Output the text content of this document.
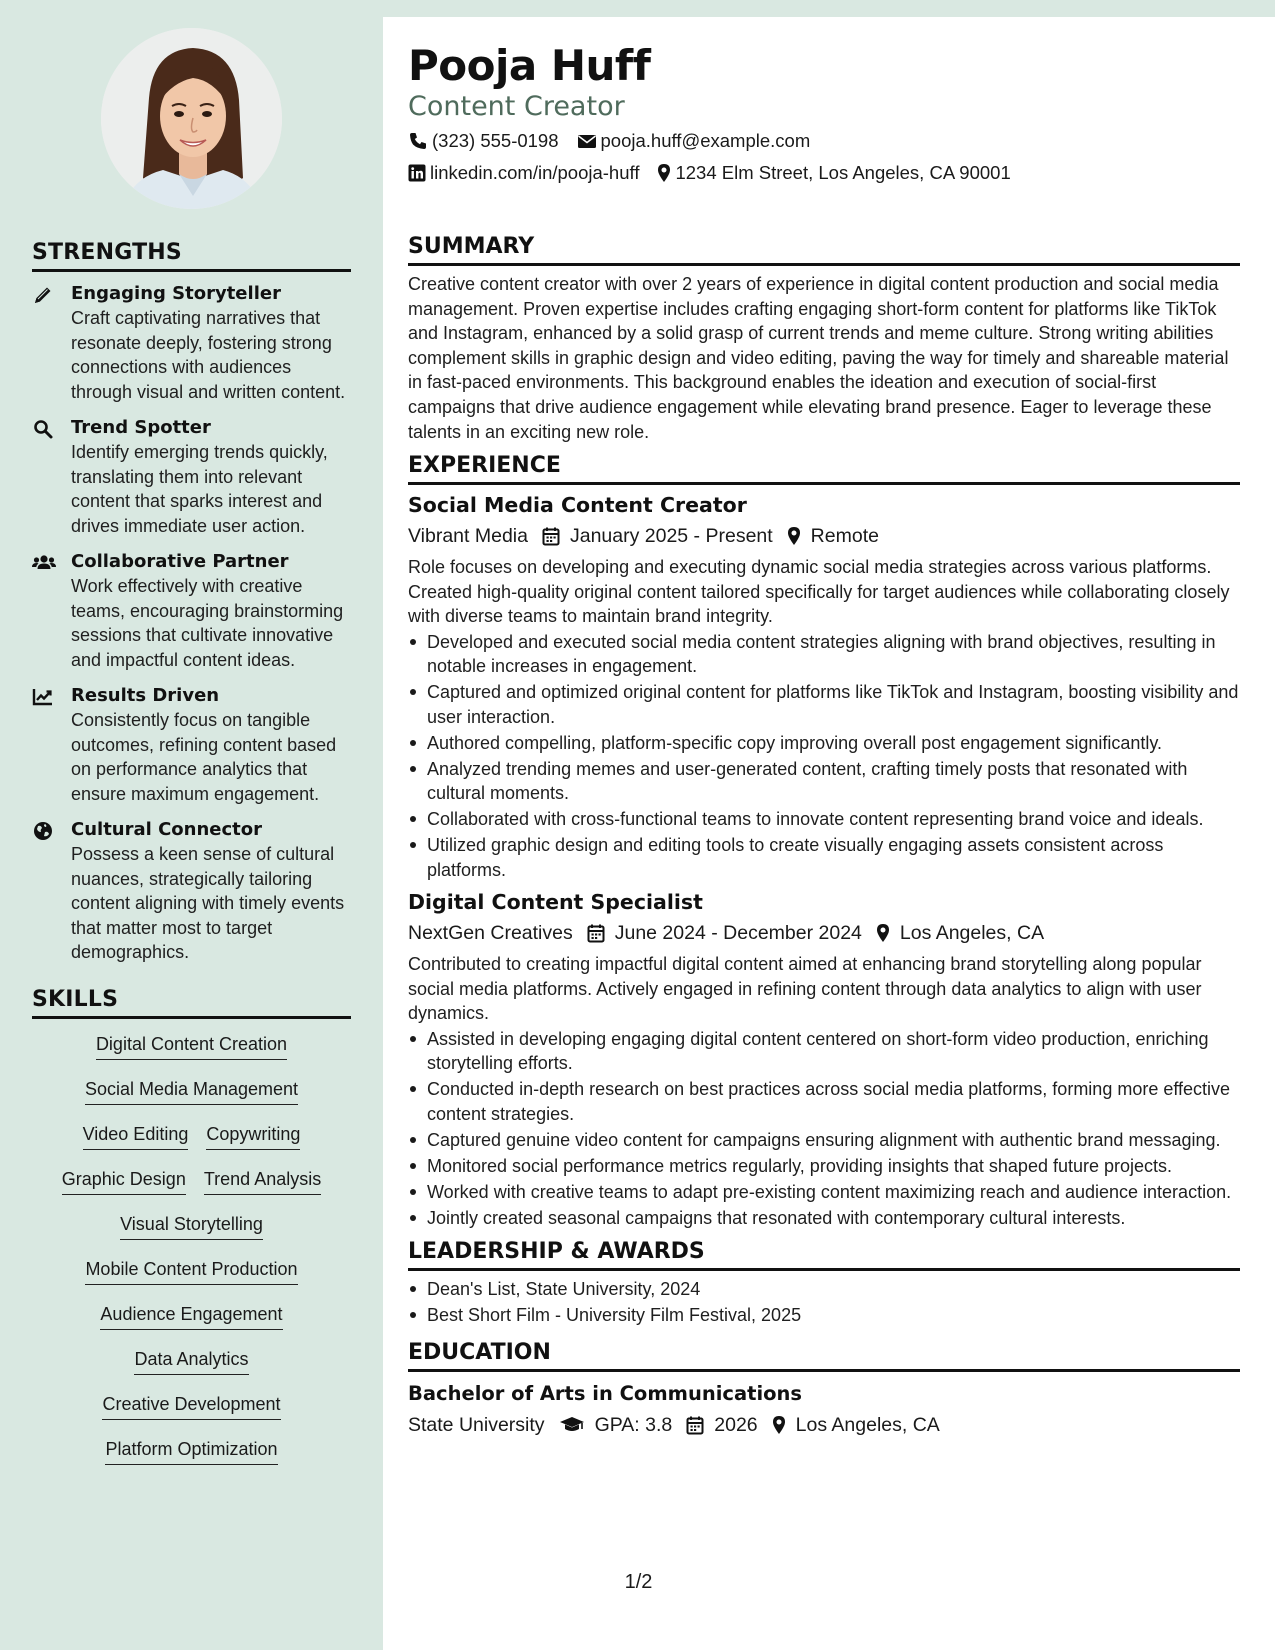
STRENGTHS
Engaging Storyteller
Craft captivating narratives that resonate deeply, fostering strong connections with audiences through visual and written content.
Trend Spotter
Identify emerging trends quickly, translating them into relevant content that sparks interest and drives immediate user action.
Collaborative Partner
Work effectively with creative teams, encouraging brainstorming sessions that cultivate innovative and impactful content ideas.
Results Driven
Consistently focus on tangible outcomes, refining content based on performance analytics that ensure maximum engagement.
Cultural Connector
Possess a keen sense of cultural nuances, strategically tailoring content aligning with timely events that matter most to target demographics.
SKILLS
Digital Content Creation
Social Media Management
Video Editing Copywriting
Graphic Design Trend Analysis
Visual Storytelling
Mobile Content Production
Audience Engagement
Data Analytics
Creative Development
Platform Optimization
Pooja Huff
Content Creator
(323) 555-0198 pooja.huff@example.com
linkedin.com/in/pooja-huff 1234 Elm Street, Los Angeles, CA 90001
SUMMARY
Creative content creator with over 2 years of experience in digital content production and social media management. Proven expertise includes crafting engaging short-form content for platforms like TikTok and Instagram, enhanced by a solid grasp of current trends and meme culture. Strong writing abilities complement skills in graphic design and video editing, paving the way for timely and shareable material in fast-paced environments. This background enables the ideation and execution of social-first campaigns that drive audience engagement while elevating brand presence. Eager to leverage these talents in an exciting new role.
EXPERIENCE
Social Media Content Creator
Vibrant Media January 2025 - Present Remote
Role focuses on developing and executing dynamic social media strategies across various platforms. Created high-quality original content tailored specifically for target audiences while collaborating closely with diverse teams to maintain brand integrity.
Developed and executed social media content strategies aligning with brand objectives, resulting in notable increases in engagement.
Captured and optimized original content for platforms like TikTok and Instagram, boosting visibility and user interaction.
Authored compelling, platform-specific copy improving overall post engagement significantly.
Analyzed trending memes and user-generated content, crafting timely posts that resonated with cultural moments.
Collaborated with cross-functional teams to innovate content representing brand voice and ideals.
Utilized graphic design and editing tools to create visually engaging assets consistent across platforms.
Digital Content Specialist
NextGen Creatives June 2024 - December 2024 Los Angeles, CA
Contributed to creating impactful digital content aimed at enhancing brand storytelling along popular social media platforms. Actively engaged in refining content through data analytics to align with user dynamics.
Assisted in developing engaging digital content centered on short-form video production, enriching storytelling efforts.
Conducted in-depth research on best practices across social media platforms, forming more effective content strategies.
Captured genuine video content for campaigns ensuring alignment with authentic brand messaging.
Monitored social performance metrics regularly, providing insights that shaped future projects.
Worked with creative teams to adapt pre-existing content maximizing reach and audience interaction.
Jointly created seasonal campaigns that resonated with contemporary cultural interests.
LEADERSHIP & AWARDS
Dean's List, State University, 2024
Best Short Film - University Film Festival, 2025
EDUCATION
Bachelor of Arts in Communications
State University	GPA: 3.8 2026 Los Angeles, CA
1/2
